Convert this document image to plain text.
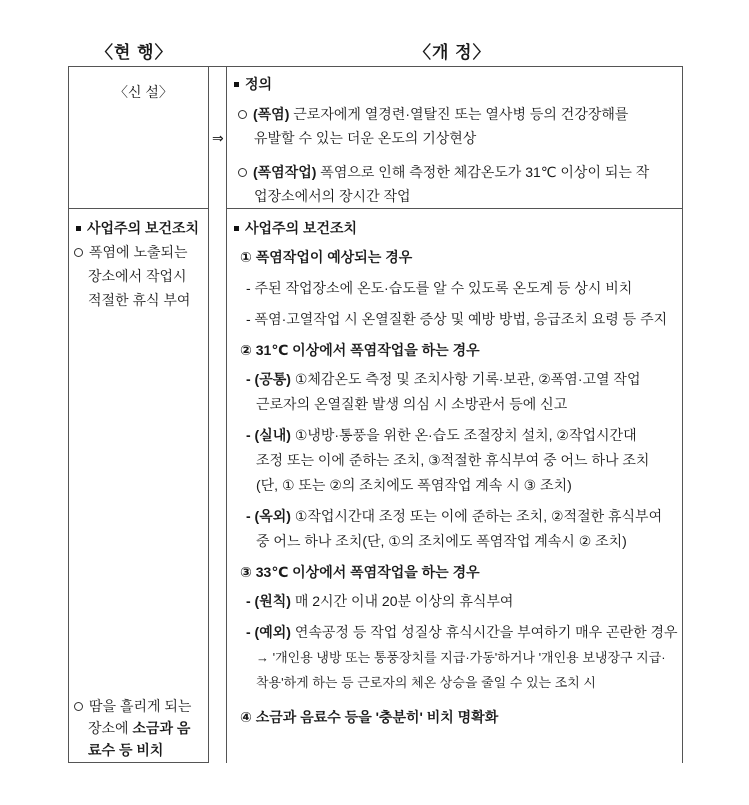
〈현 행〉	〈개 정〉
〈신 설〉
사업주의 보건조치
폭염에 노출되는
장소에서 작업시
적절한 휴식 부여
땀을 흘리게 되는
장소에 소금과 음
료수 등 비치
⇒
정의
(폭염) 근로자에게 열경련·열탈진 또는 열사병 등의 건강장해를
유발할 수 있는 더운 온도의 기상현상
(폭염작업) 폭염으로 인해 측정한 체감온도가 31℃ 이상이 되는 작
업장소에서의 장시간 작업
사업주의 보건조치
① 폭염작업이 예상되는 경우
- 주된 작업장소에 온도·습도를 알 수 있도록 온도계 등 상시 비치
- 폭염·고열작업 시 온열질환 증상 및 예방 방법, 응급조치 요령 등 주지
② 31℃ 이상에서 폭염작업을 하는 경우
- (공통) ①체감온도 측정 및 조치사항 기록·보관, ②폭염·고열 작업
근로자의 온열질환 발생 의심 시 소방관서 등에 신고
- (실내) ①냉방·통풍을 위한 온·습도 조절장치 설치, ②작업시간대
조정 또는 이에 준하는 조치, ③적절한 휴식부여 중 어느 하나 조치
(단, ① 또는 ②의 조치에도 폭염작업 계속 시 ③ 조치)
- (옥외) ①작업시간대 조정 또는 이에 준하는 조치, ②적절한 휴식부여
중 어느 하나 조치(단, ①의 조치에도 폭염작업 계속시 ② 조치)
③ 33℃ 이상에서 폭염작업을 하는 경우
- (원칙) 매 2시간 이내 20분 이상의 휴식부여
- (예외) 연속공정 등 작업 성질상 휴식시간을 부여하기 매우 곤란한 경우
→ '개인용 냉방 또는 통풍장치를 지급·가동'하거나 '개인용 보냉장구 지급·
착용'하게 하는 등 근로자의 체온 상승을 줄일 수 있는 조치 시
④ 소금과 음료수 등을 '충분히' 비치 명확화
